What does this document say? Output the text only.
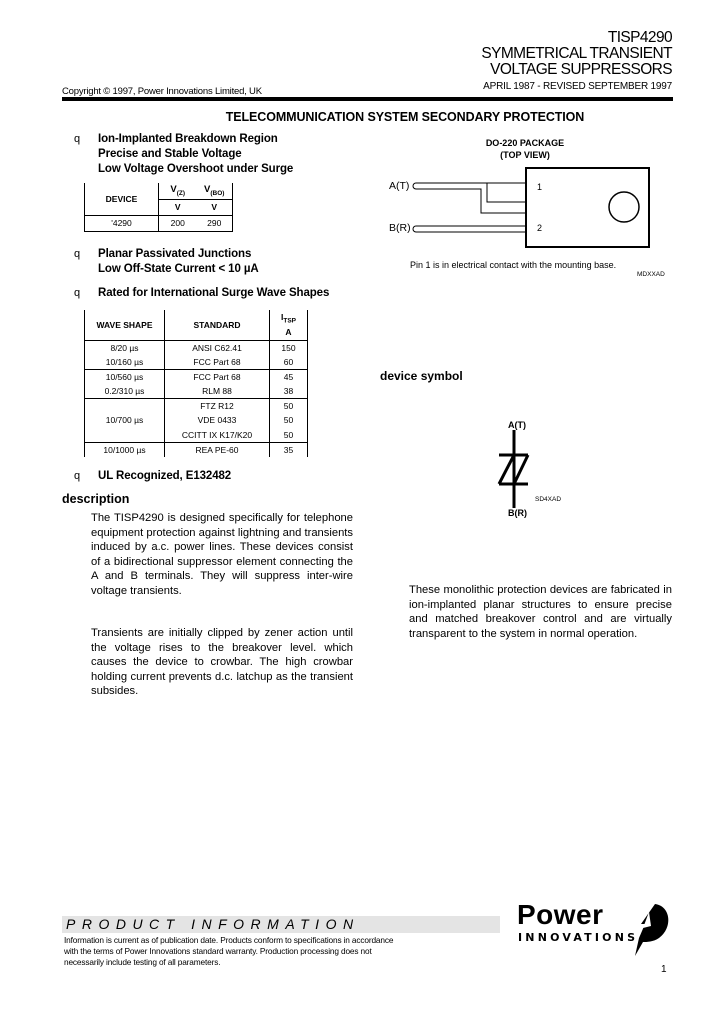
TISP4290
SYMMETRICAL TRANSIENT
VOLTAGE SUPPRESSORS
APRIL 1987 - REVISED SEPTEMBER 1997
Copyright © 1997, Power Innovations Limited, UK
TELECOMMUNICATION SYSTEM SECONDARY PROTECTION
q Ion-Implanted Breakdown Region
Precise and Stable Voltage
Low Voltage Overshoot under Surge
DEVICE	$V_{(Z)}$	$V_{(BO)}$
	V	V
'4290	200	290
q Planar Passivated Junctions
Low Off-State Current < 10 µA
q Rated for International Surge Wave Shapes
WAVE SHAPE	STANDARD	$I_{TSP}$
A
8/20 µs	ANSI C62.41	150
10/160 µs	FCC Part 68	60
10/560 µs	FCC Part 68	45
0.2/310 µs	RLM 88	38
10/700 µs	FTZ R12	50
	VDE 0433	50
	CCITT IX K17/K20	50
10/1000 µs	REA PE-60	35
q UL Recognized, E132482
DO-220 PACKAGE
(TOP VIEW)
A(T)
B(R)
1
2
Pin 1 is in electrical contact with the mounting base.
MDXXAD
device symbol
A(T)
B(R)
SD4XAD
description
The TISP4290 is designed specifically for telephone equipment protection against lightning and transients induced by a.c. power lines. These devices consist of a bidirectional suppressor element connecting the A and B terminals. They will suppress inter-wire voltage transients.
Transients are initially clipped by zener action until the voltage rises to the breakover level. which causes the device to crowbar. The high crowbar holding current prevents d.c. latchup as the transient subsides.
These monolithic protection devices are fabricated in ion-implanted planar structures to ensure precise and matched breakover control and are virtually transparent to the system in normal operation.
PRODUCT INFORMATION
Information is current as of publication date. Products conform to specifications in accordance
with the terms of Power Innovations standard warranty. Production processing does not
necessarily include testing of all parameters.
Power
INNOVATIONS
1
